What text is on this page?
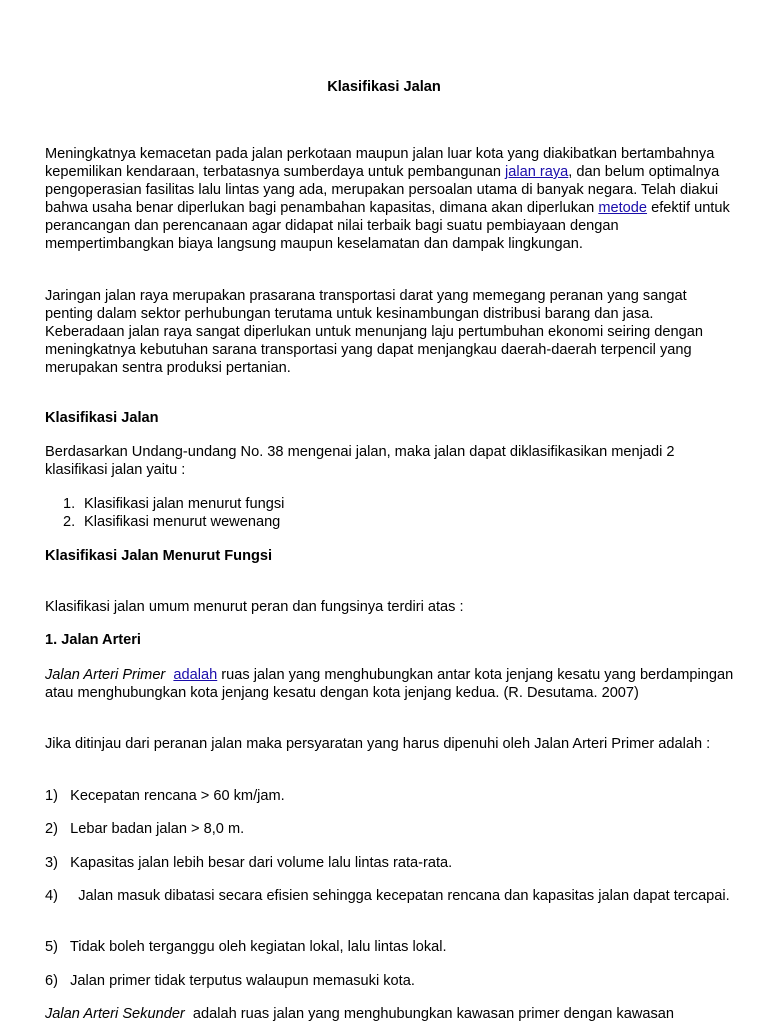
Klasifikasi Jalan

Meningkatnya kemacetan pada jalan perkotaan maupun jalan luar kota yang diakibatkan bertambahnya kepemilikan kendaraan, terbatasnya sumberdaya untuk pembangunan jalan raya, dan belum optimalnya pengoperasian fasilitas lalu lintas yang ada, merupakan persoalan utama di banyak negara. Telah diakui bahwa usaha benar diperlukan bagi penambahan kapasitas, dimana akan diperlukan metode efektif untuk perancangan dan perencanaan agar didapat nilai terbaik bagi suatu pembiayaan dengan mempertimbangkan biaya langsung maupun keselamatan dan dampak lingkungan.

Jaringan jalan raya merupakan prasarana transportasi darat yang memegang peranan yang sangat penting dalam sektor perhubungan terutama untuk kesinambungan distribusi barang dan jasa. Keberadaan jalan raya sangat diperlukan untuk menunjang laju pertumbuhan ekonomi seiring dengan meningkatnya kebutuhan sarana transportasi yang dapat menjangkau daerah-daerah terpencil yang merupakan sentra produksi pertanian.

Klasifikasi Jalan

Berdasarkan Undang-undang No. 38 mengenai jalan, maka jalan dapat diklasifikasikan menjadi 2 klasifikasi jalan yaitu :

1. Klasifikasi jalan menurut fungsi
2. Klasifikasi menurut wewenang

Klasifikasi Jalan Menurut Fungsi

Klasifikasi jalan umum menurut peran dan fungsinya terdiri atas :

1. Jalan Arteri

Jalan Arteri Primer adalah ruas jalan yang menghubungkan antar kota jenjang kesatu yang berdampingan atau menghubungkan kota jenjang kesatu dengan kota jenjang kedua. (R. Desutama. 2007)

Jika ditinjau dari peranan jalan maka persyaratan yang harus dipenuhi oleh Jalan Arteri Primer adalah :

1)   Kecepatan rencana > 60 km/jam.

2)   Lebar badan jalan > 8,0 m.

3)   Kapasitas jalan lebih besar dari volume lalu lintas rata-rata.

4)     Jalan masuk dibatasi secara efisien sehingga kecepatan rencana dan kapasitas jalan dapat tercapai.

5)   Tidak boleh terganggu oleh kegiatan lokal, lalu lintas lokal.

6)   Jalan primer tidak terputus walaupun memasuki kota.

Jalan Arteri Sekunder  adalah ruas jalan yang menghubungkan kawasan primer dengan kawasan
